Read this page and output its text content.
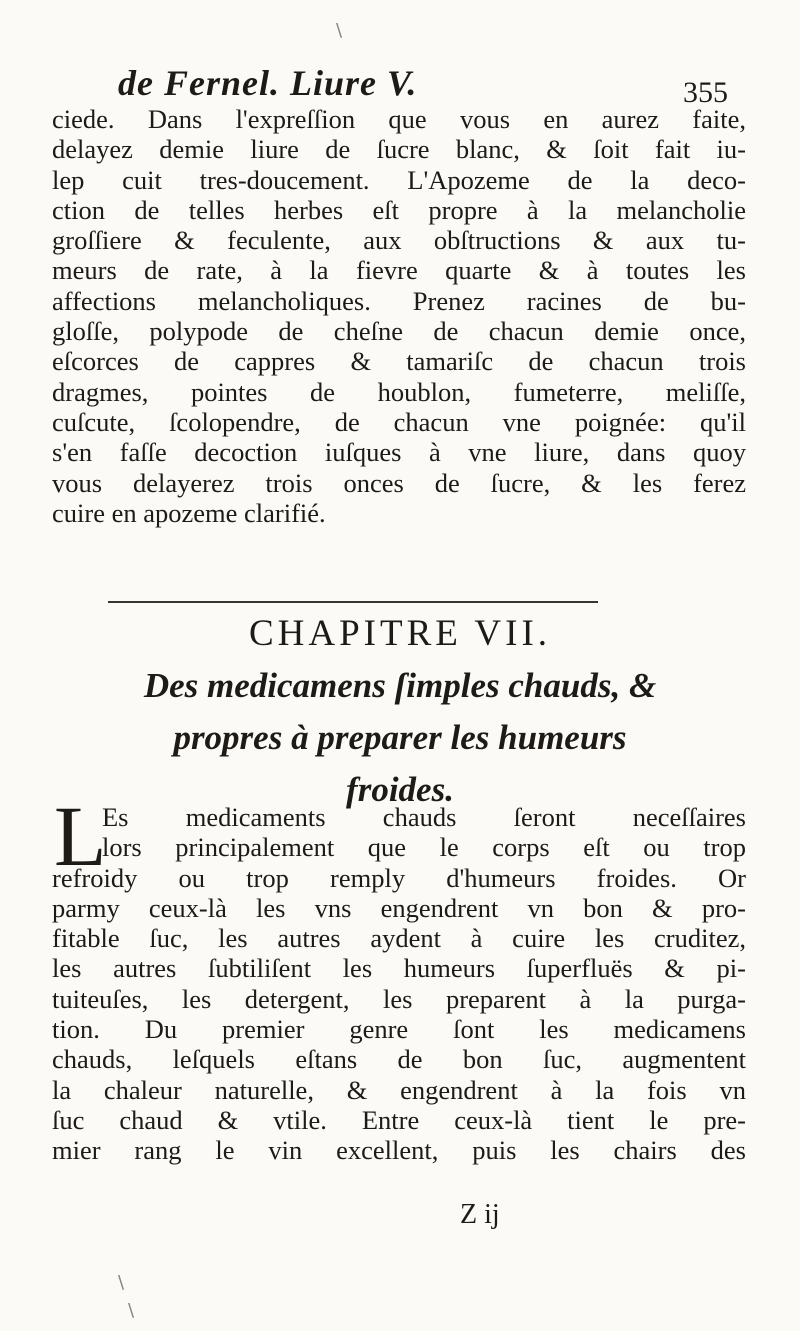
de Fernel. Liure V.	355
ciede. Dans l'expreſſion que vous en aurez faite,
delayez demie liure de ſucre blanc, & ſoit fait iu-
lep cuit tres-doucement. L'Apozeme de la deco-
ction de telles herbes eſt propre à la melancholie
groſſiere & feculente, aux obſtructions & aux tu-
meurs de rate, à la fievre quarte & à toutes les
affections melancholiques. Prenez racines de bu-
gloſſe, polypode de cheſne de chacun demie once,
eſcorces de cappres & tamariſc de chacun trois
dragmes, pointes de houblon, fumeterre, meliſſe,
cuſcute, ſcolopendre, de chacun vne poignée: qu'il
s'en faſſe decoction iuſques à vne liure, dans quoy
vous delayerez trois onces de ſucre, & les ferez
cuire en apozeme clarifié.
CHAPITRE VII.
Des medicamens ſimples chauds, &
propres à preparer les humeurs
froides.
L
Es medicaments chauds ſeront neceſſaires
lors principalement que le corps eſt ou trop
refroidy ou trop remply d'humeurs froides. Or
parmy ceux-là les vns engendrent vn bon & pro-
fitable ſuc, les autres aydent à cuire les cruditez,
les autres ſubtiliſent les humeurs ſuperfluës & pi-
tuiteuſes, les detergent, les preparent à la purga-
tion. Du premier genre ſont les medicamens
chauds, leſquels eſtans de bon ſuc, augmentent
la chaleur naturelle, & engendrent à la fois vn
ſuc chaud & vtile. Entre ceux-là tient le pre-
mier rang le vin excellent, puis les chairs des
Z ij
\
\
\
